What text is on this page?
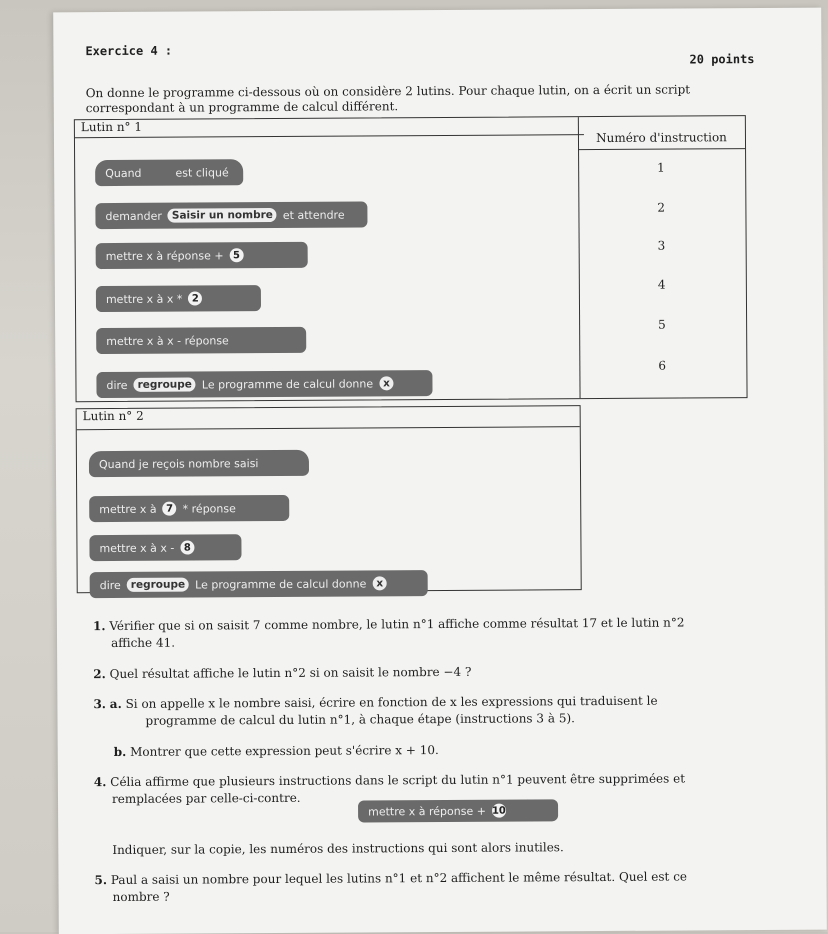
Exercice 4 :
20 points
On donne le programme ci-dessous où on considère 2 lutins. Pour chaque lutin, on a écrit un script
correspondant à un programme de calcul différent.
Lutin n° 1
Numéro d'instruction
Quand	est cliqué
demander Saisir un nombre et attendre
mettre x à réponse + 5
mettre x à x * 2
mettre x à x - réponse
dire regroupe Le programme de calcul donne x
1
2
3
4
5
6
Lutin n° 2
Quand je reçois nombre saisi
mettre x à 7 * réponse
mettre x à x - 8
dire regroupe Le programme de calcul donne x
1. Vérifier que si on saisit 7 comme nombre, le lutin n°1 affiche comme résultat 17 et le lutin n°2
affiche 41.
2. Quel résultat affiche le lutin n°2 si on saisit le nombre −4 ?
3. a. Si on appelle x le nombre saisi, écrire en fonction de x les expressions qui traduisent le
programme de calcul du lutin n°1, à chaque étape (instructions 3 à 5).
b. Montrer que cette expression peut s'écrire x + 10.
4. Célia affirme que plusieurs instructions dans le script du lutin n°1 peuvent être supprimées et
remplacées par celle-ci-contre.
mettre x à réponse + 10
Indiquer, sur la copie, les numéros des instructions qui sont alors inutiles.
5. Paul a saisi un nombre pour lequel les lutins n°1 et n°2 affichent le même résultat. Quel est ce
nombre ?
